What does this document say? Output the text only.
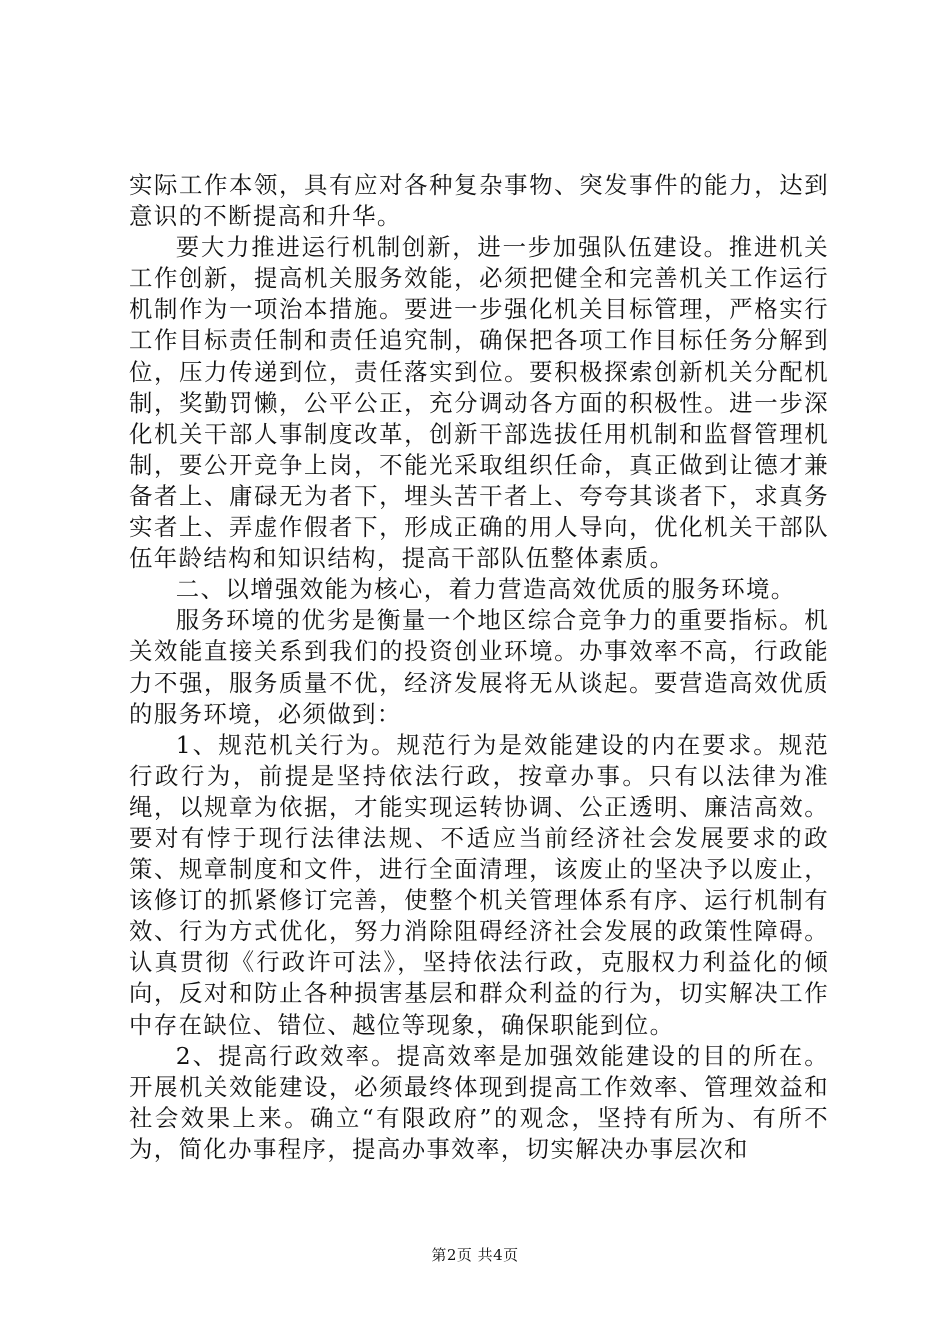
实际工作本领，具有应对各种复杂事物、突发事件的能力，达到意识的不断提高和升华。

要大力推进运行机制创新，进一步加强队伍建设。推进机关工作创新，提高机关服务效能，必须把健全和完善机关工作运行机制作为一项治本措施。要进一步强化机关目标管理，严格实行工作目标责任制和责任追究制，确保把各项工作目标任务分解到位，压力传递到位，责任落实到位。要积极探索创新机关分配机制，奖勤罚懒，公平公正，充分调动各方面的积极性。进一步深化机关干部人事制度改革，创新干部选拔任用机制和监督管理机制，要公开竞争上岗，不能光采取组织任命，真正做到让德才兼备者上、庸碌无为者下，埋头苦干者上、夸夸其谈者下，求真务实者上、弄虚作假者下，形成正确的用人导向，优化机关干部队伍年龄结构和知识结构，提高干部队伍整体素质。

二、以增强效能为核心，着力营造高效优质的服务环境。

服务环境的优劣是衡量一个地区综合竞争力的重要指标。机关效能直接关系到我们的投资创业环境。办事效率不高，行政能力不强，服务质量不优，经济发展将无从谈起。要营造高效优质的服务环境，必须做到：

1、规范机关行为。规范行为是效能建设的内在要求。规范行政行为，前提是坚持依法行政，按章办事。只有以法律为准绳，以规章为依据，才能实现运转协调、公正透明、廉洁高效。要对有悖于现行法律法规、不适应当前经济社会发展要求的政策、规章制度和文件，进行全面清理，该废止的坚决予以废止，该修订的抓紧修订完善，使整个机关管理体系有序、运行机制有效、行为方式优化，努力消除阻碍经济社会发展的政策性障碍。认真贯彻《行政许可法》，坚持依法行政，克服权力利益化的倾向，反对和防止各种损害基层和群众利益的行为，切实解决工作中存在缺位、错位、越位等现象，确保职能到位。

2、提高行政效率。提高效率是加强效能建设的目的所在。开展机关效能建设，必须最终体现到提高工作效率、管理效益和社会效果上来。确立“有限政府”的观念，坚持有所为、有所不为，简化办事程序，提高办事效率，切实解决办事层次和

第2页 共4页
